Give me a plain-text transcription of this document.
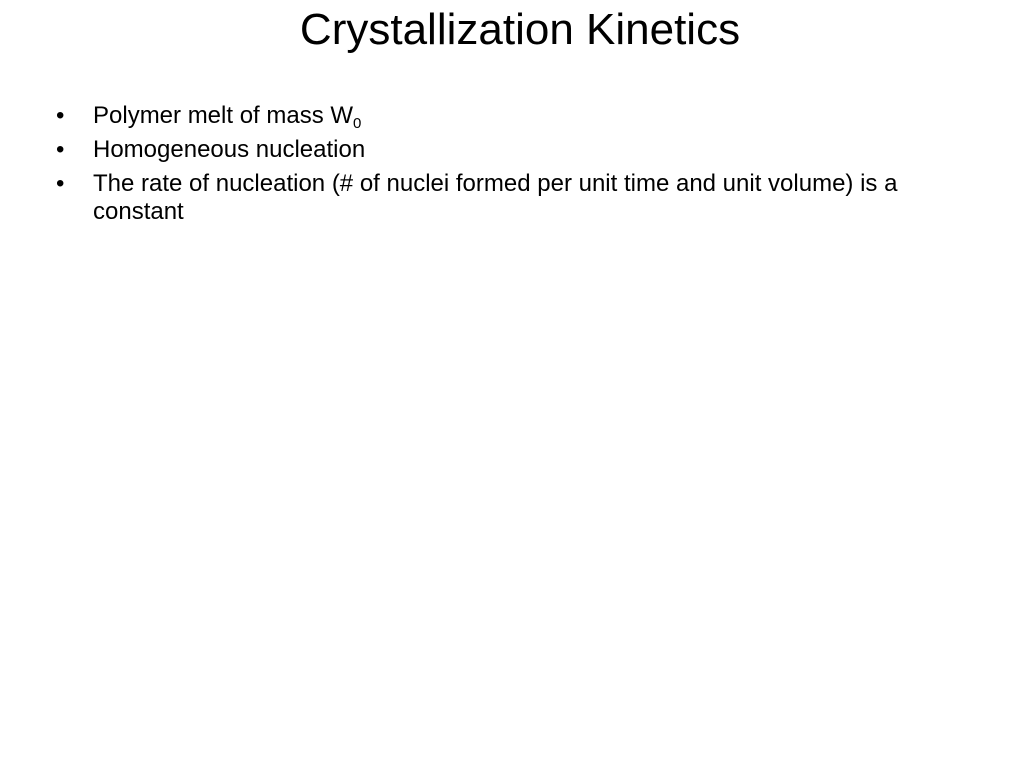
Crystallization Kinetics
•	Polymer melt of mass $W_0$
•	Homogeneous nucleation
•	The rate of nucleation (# of nuclei formed per unit time and unit volume) is a constant
